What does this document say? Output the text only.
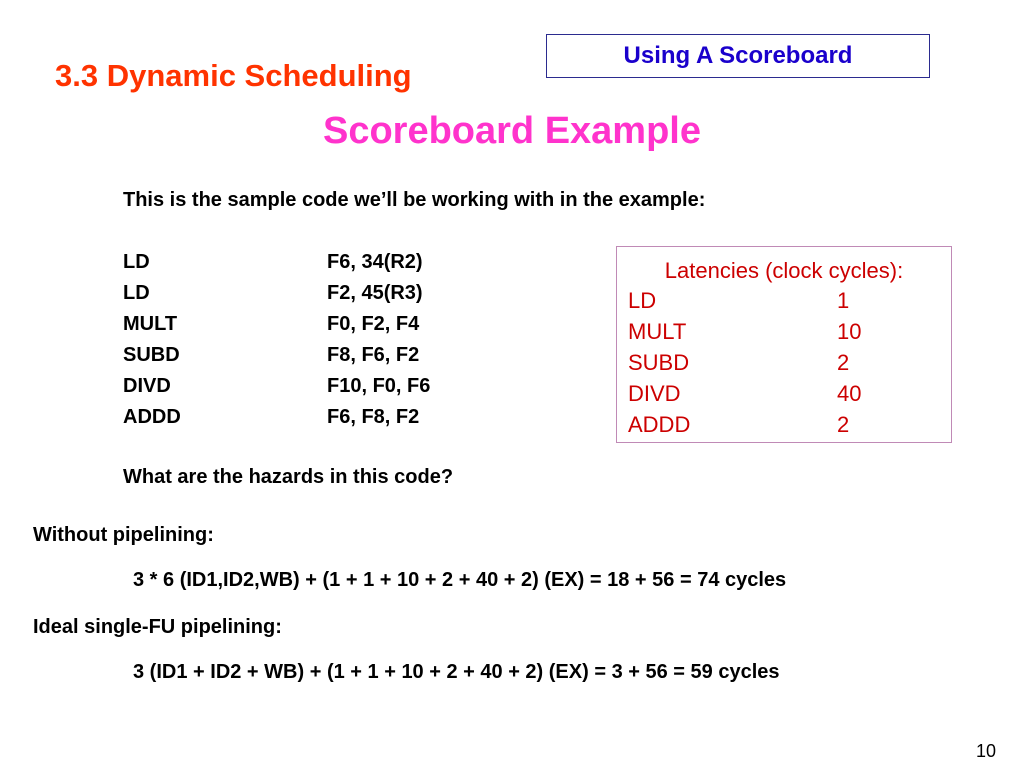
3.3 Dynamic Scheduling
Using A Scoreboard
Scoreboard Example
This is the sample code we’ll be working with in the example:
LD	F6, 34(R2)
LD	F2, 45(R3)
MULT	F0, F2, F4
SUBD	F8, F6, F2
DIVD	F10, F0, F6
ADDD	F6, F8, F2
Latencies (clock cycles):
LD	1
MULT	10
SUBD	2
DIVD	40
ADDD	2
What are the hazards in this code?
Without pipelining:
3 * 6 (ID1,ID2,WB) + (1 + 1 + 10 + 2 + 40 + 2) (EX) = 18 + 56 = 74 cycles
Ideal single-FU pipelining:
3 (ID1 + ID2 + WB) + (1 + 1 + 10 + 2 + 40 + 2) (EX) = 3 + 56 = 59 cycles
10
